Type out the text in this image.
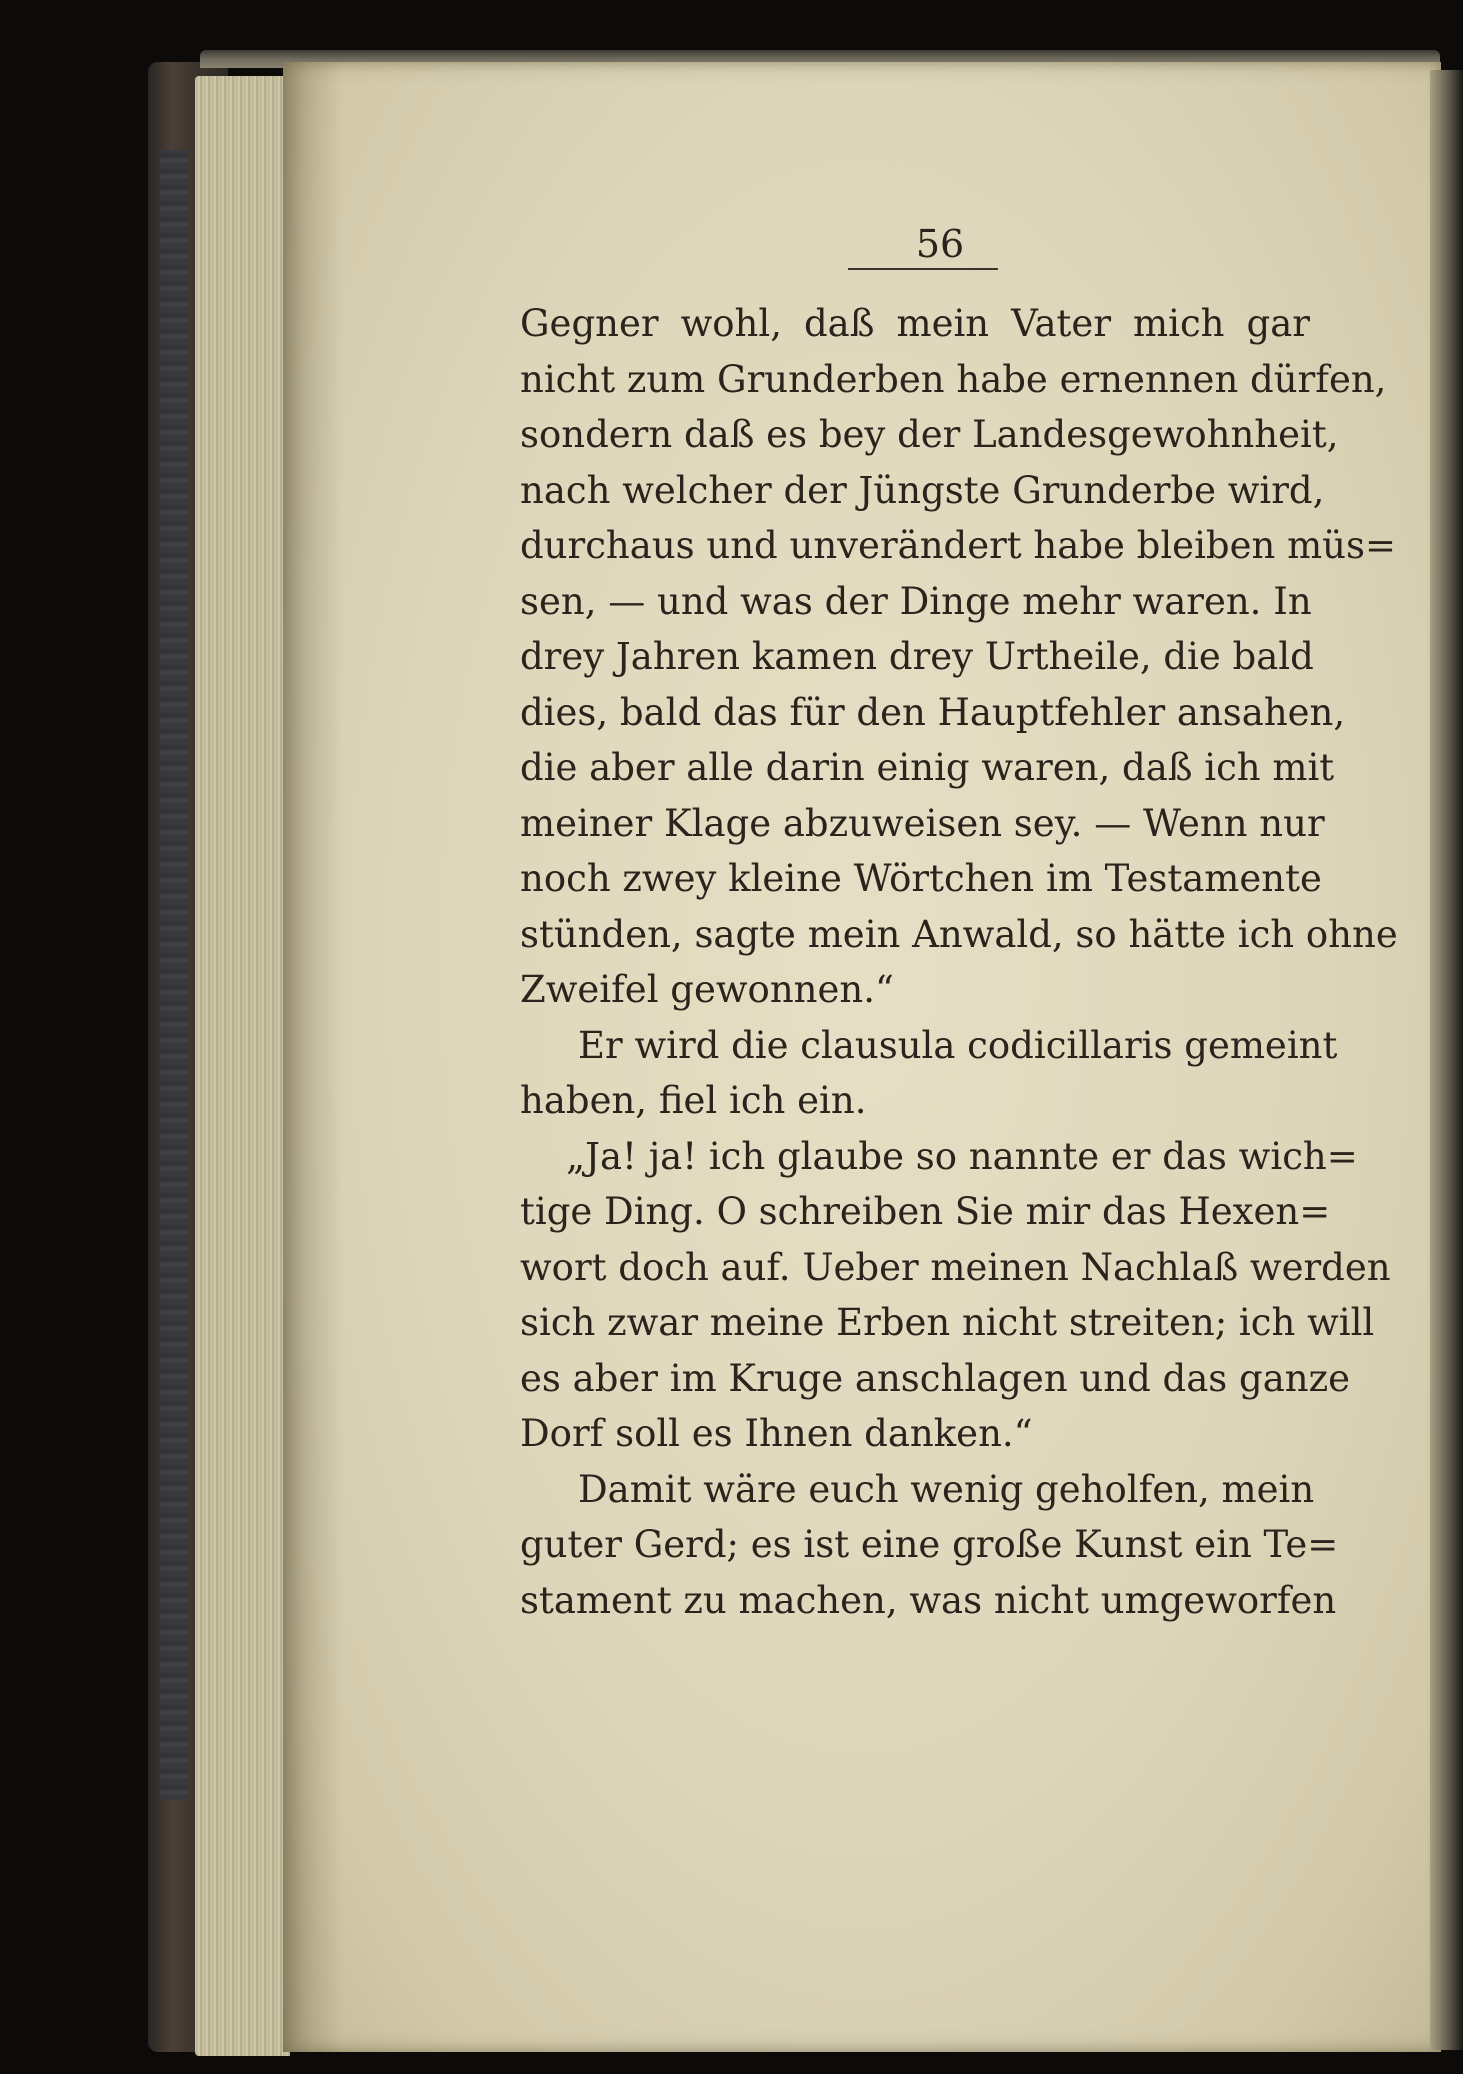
56
Gegner wohl, daß mein Vater mich gar
nicht zum Grunderben habe ernennen dürfen,
sondern daß es bey der Landesgewohnheit,
nach welcher der Jüngste Grunderbe wird,
durchaus und unverändert habe bleiben müs=
sen, — und was der Dinge mehr waren. In
drey Jahren kamen drey Urtheile, die bald
dies, bald das für den Hauptfehler ansahen,
die aber alle darin einig waren, daß ich mit
meiner Klage abzuweisen sey. — Wenn nur
noch zwey kleine Wörtchen im Testamente
stünden, sagte mein Anwald, so hätte ich ohne
Zweifel gewonnen.“
Er wird die clausula codicillaris gemeint
haben, fiel ich ein.
„Ja! ja! ich glaube so nannte er das wich=
tige Ding. O schreiben Sie mir das Hexen=
wort doch auf. Ueber meinen Nachlaß werden
sich zwar meine Erben nicht streiten; ich will
es aber im Kruge anschlagen und das ganze
Dorf soll es Ihnen danken.“
Damit wäre euch wenig geholfen, mein
guter Gerd; es ist eine große Kunst ein Te=
stament zu machen, was nicht umgeworfen
